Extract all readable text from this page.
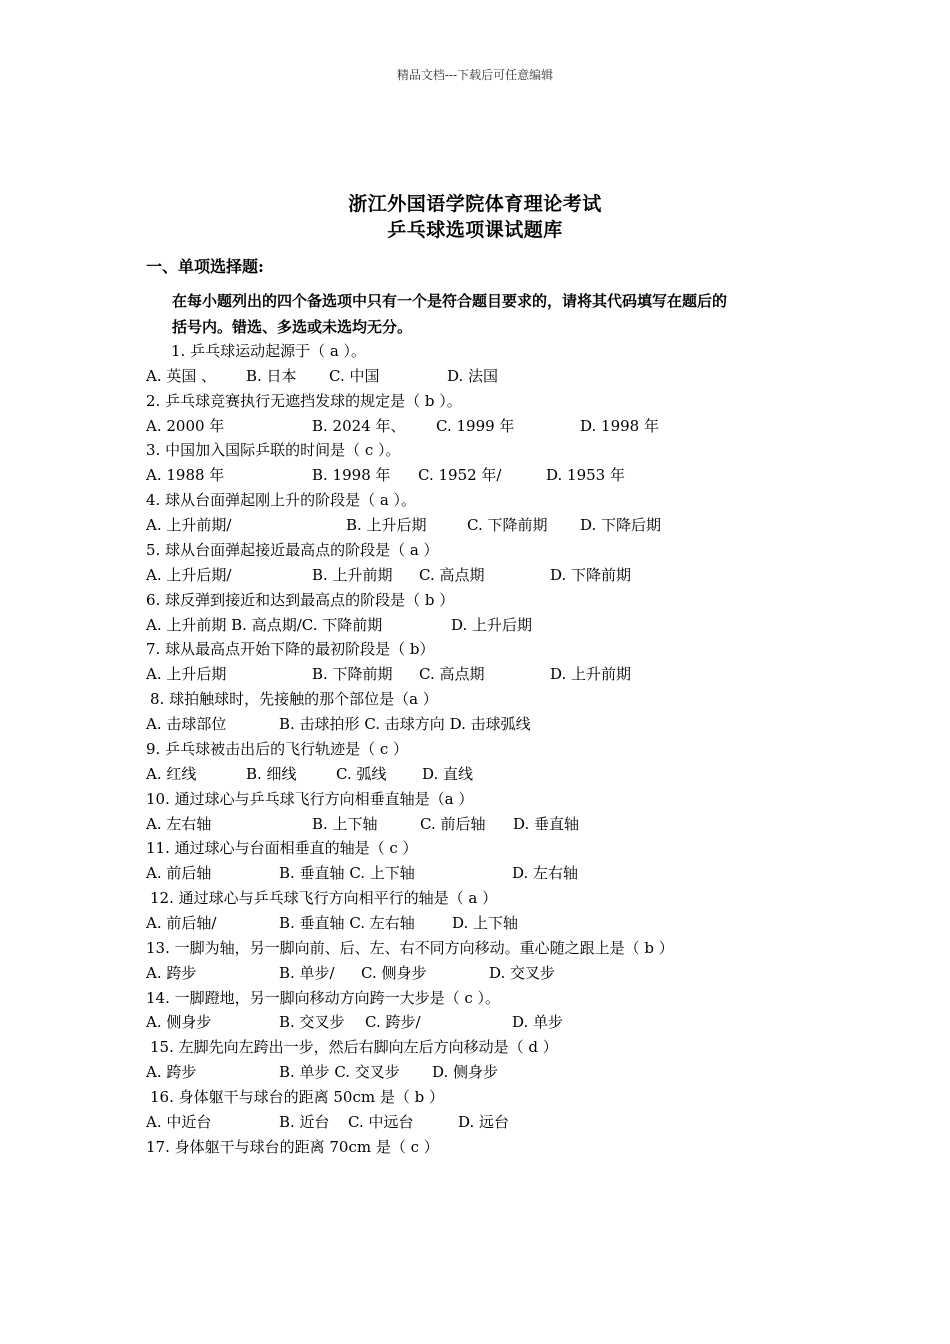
精品文档---下载后可任意编辑
浙江外国语学院体育理论考试
乒乓球选项课试题库
一、单项选择题:
在每小题列出的四个备选项中只有一个是符合题目要求的，请将其代码填写在题后的
括号内。错选、多选或未选均无分。
1. 乒乓球运动起源于（ a ）。
A. 英国 、 B. 日本 C. 中国	D. 法国
2. 乒乓球竞赛执行无遮挡发球的规定是（ b ）。
A. 2000 年	B. 2024 年、 C. 1999 年	D. 1998 年
3. 中国加入国际乒联的时间是（ c ）。
A. 1988 年	B. 1998 年 C. 1952 年/	D. 1953 年
4. 球从台面弹起刚上升的阶段是（ a ）。
A. 上升前期/	B. 上升后期	C. 下降前期 D. 下降后期
5. 球从台面弹起接近最高点的阶段是（ a ）
A. 上升后期/	B. 上升前期 C. 高点期	D. 下降前期
6. 球反弹到接近和达到最高点的阶段是（ b ）
A. 上升前期 B. 高点期/C. 下降前期	D. 上升后期
7. 球从最高点开始下降的最初阶段是（ b）
A. 上升后期	B. 下降前期 C. 高点期	D. 上升前期
8. 球拍触球时，先接触的那个部位是（a ）
A. 击球部位	B. 击球拍形 C. 击球方向 D. 击球弧线
9. 乒乓球被击出后的飞行轨迹是（ c ）
A. 红线	B. 细线	C. 弧线 D. 直线
10. 通过球心与乒乓球飞行方向相垂直轴是（a ）
A. 左右轴	B. 上下轴	C. 前后轴 D. 垂直轴
11. 通过球心与台面相垂直的轴是（ c ）
A. 前后轴	B. 垂直轴 C. 上下轴	D. 左右轴
12. 通过球心与乒乓球飞行方向相平行的轴是（ a ）
A. 前后轴/	B. 垂直轴 C. 左右轴 D. 上下轴
13. 一脚为轴，另一脚向前、后、左、右不同方向移动。重心随之跟上是（ b ）
A. 跨步	B. 单步/ C. 侧身步	D. 交叉步
14. 一脚蹬地，另一脚向移动方向跨一大步是（ c ）。
A. 侧身步	B. 交叉步 C. 跨步/	D. 单步
15. 左脚先向左跨出一步，然后右脚向左后方向移动是（ d ）
A. 跨步	B. 单步 C. 交叉步 D. 侧身步
16. 身体躯干与球台的距离 50cm 是（ b ）
A. 中近台	B. 近台 C. 中远台	D. 远台
17. 身体躯干与球台的距离 70cm 是（ c ）
